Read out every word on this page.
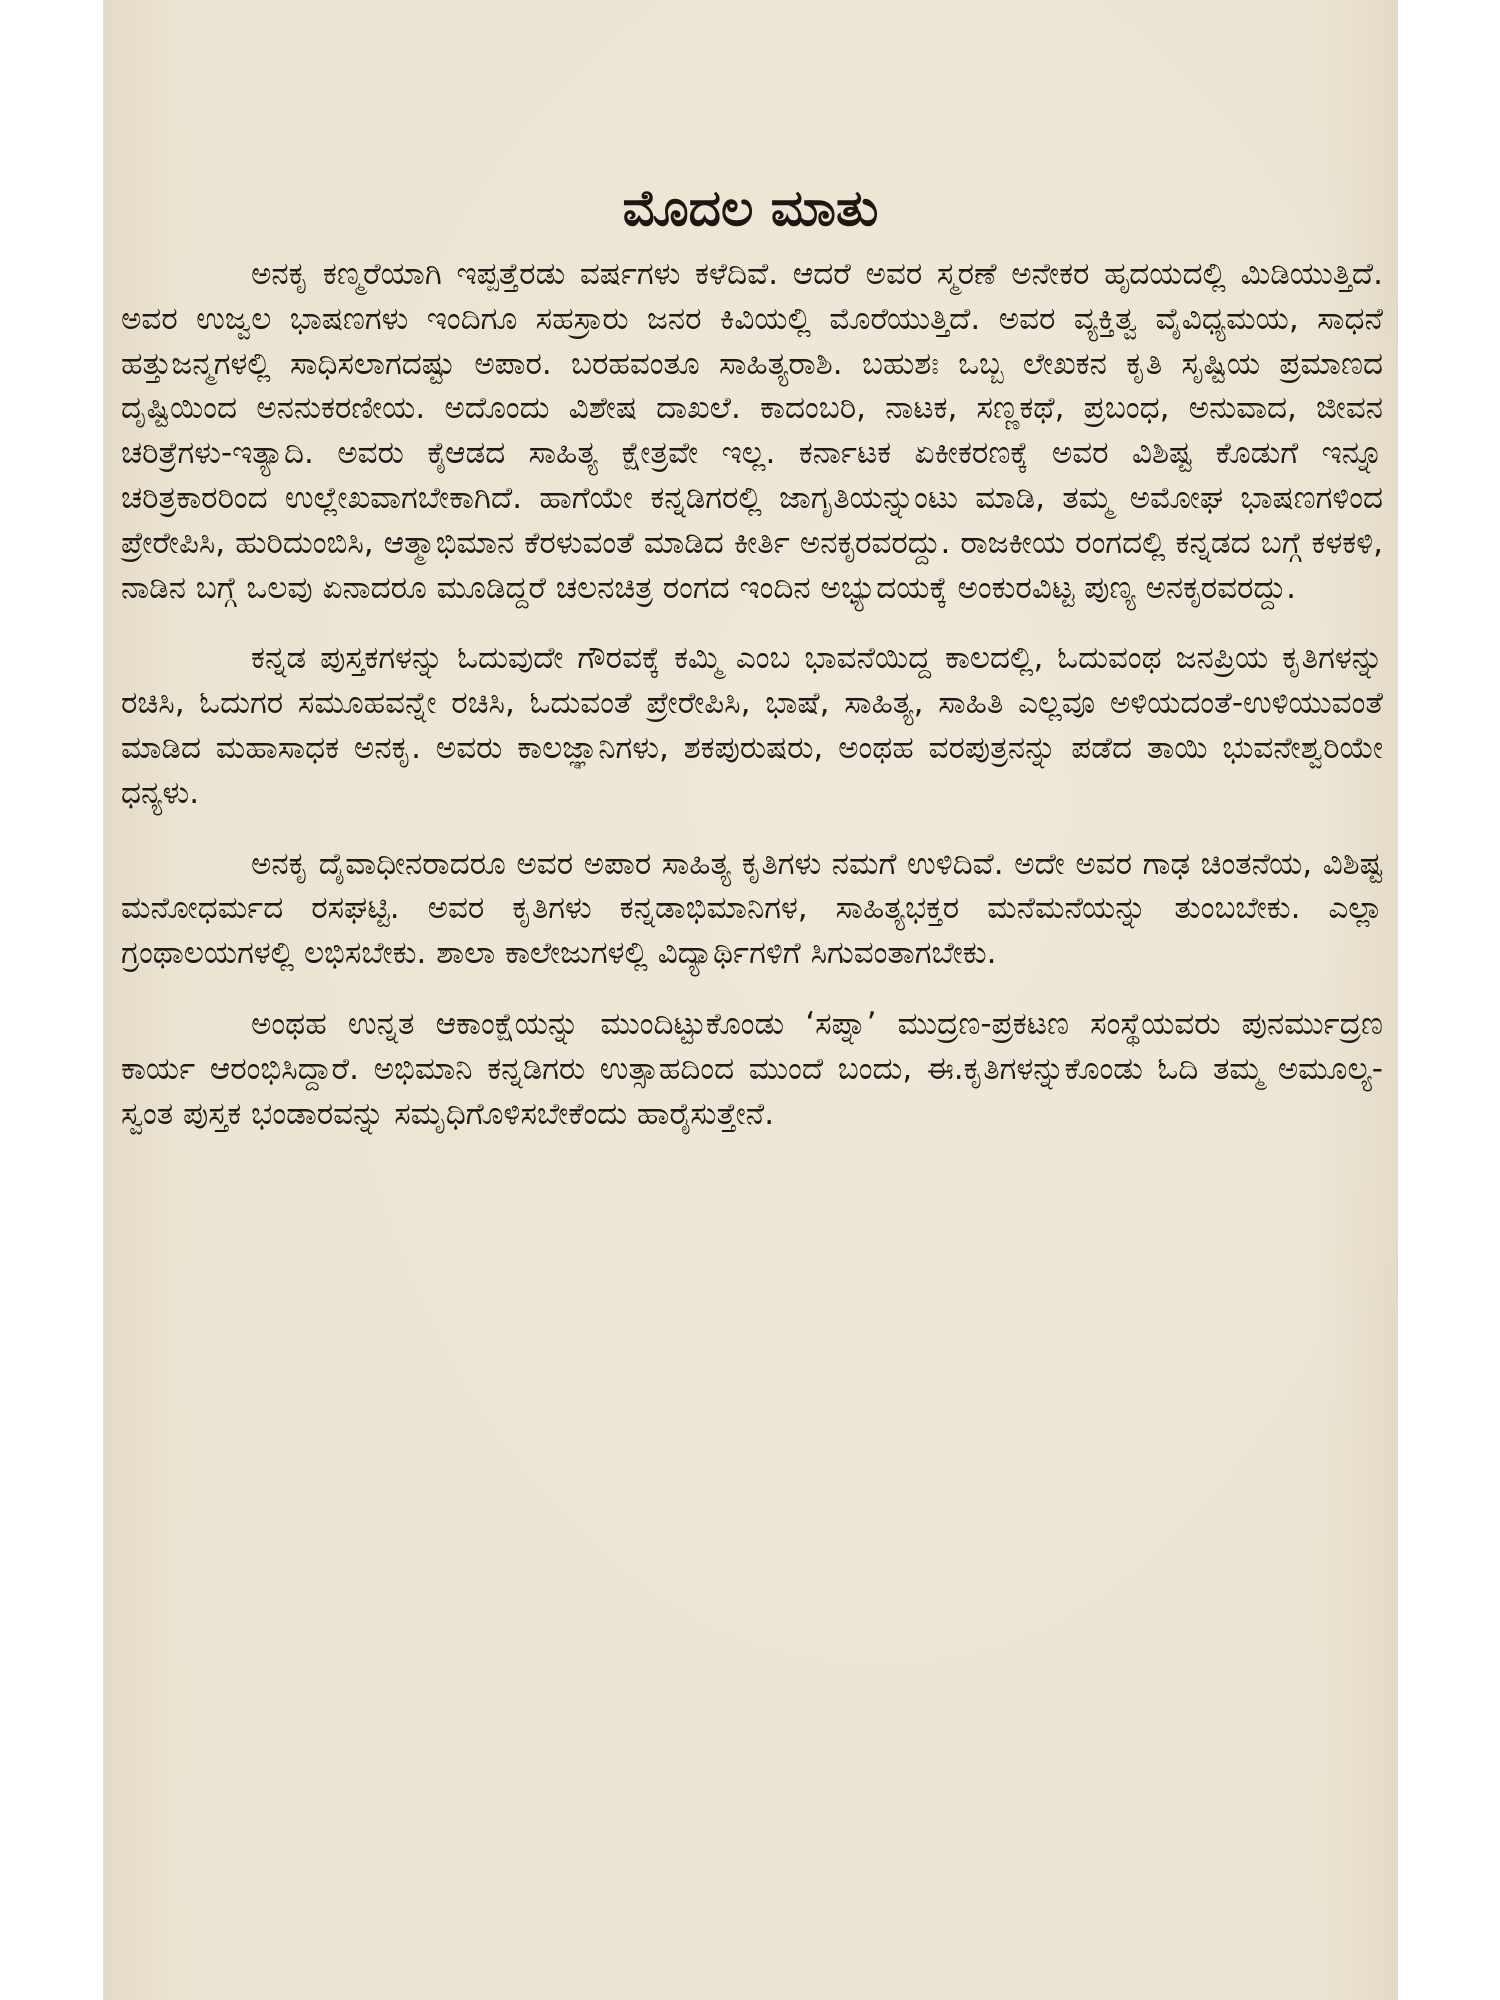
ಮೊದಲ ಮಾತು

ಅನಕೃ ಕಣ್ಮರೆಯಾಗಿ ಇಪ್ಪತ್ತೆರಡು ವರ್ಷಗಳು ಕಳೆದಿವೆ. ಆದರೆ ಅವರ ಸ್ಮರಣೆ ಅನೇಕರ ಹೃದಯದಲ್ಲಿ ಮಿಡಿಯುತ್ತಿದೆ. ಅವರ ಉಜ್ವಲ ಭಾಷಣಗಳು ಇಂದಿಗೂ ಸಹಸ್ರಾರು ಜನರ ಕಿವಿಯಲ್ಲಿ ಮೊರೆಯುತ್ತಿದೆ. ಅವರ ವ್ಯಕ್ತಿತ್ವ ವೈವಿಧ್ಯಮಯ, ಸಾಧನೆ ಹತ್ತುಜನ್ಮಗಳಲ್ಲಿ ಸಾಧಿಸಲಾಗದಷ್ಟು ಅಪಾರ. ಬರಹವಂತೂ ಸಾಹಿತ್ಯರಾಶಿ. ಬಹುಶಃ ಒಬ್ಬ ಲೇಖಕನ ಕೃತಿ ಸೃಷ್ಟಿಯ ಪ್ರಮಾಣದ ದೃಷ್ಟಿಯಿಂದ ಅನನುಕರಣೀಯ. ಅದೊಂದು ವಿಶೇಷ ದಾಖಲೆ. ಕಾದಂಬರಿ, ನಾಟಕ, ಸಣ್ಣಕಥೆ, ಪ್ರಬಂಧ, ಅನುವಾದ, ಜೀವನ ಚರಿತ್ರೆಗಳು-ಇತ್ಯಾದಿ. ಅವರು ಕೈಆಡದ ಸಾಹಿತ್ಯ ಕ್ಷೇತ್ರವೇ ಇಲ್ಲ. ಕರ್ನಾಟಕ ಏಕೀಕರಣಕ್ಕೆ ಅವರ ವಿಶಿಷ್ಟ ಕೊಡುಗೆ ಇನ್ನೂ ಚರಿತ್ರಕಾರರಿಂದ ಉಲ್ಲೇಖವಾಗಬೇಕಾಗಿದೆ. ಹಾಗೆಯೇ ಕನ್ನಡಿಗರಲ್ಲಿ ಜಾಗೃತಿಯನ್ನುಂಟು ಮಾಡಿ, ತಮ್ಮ ಅಮೋಘ ಭಾಷಣಗಳಿಂದ ಪ್ರೇರೇಪಿಸಿ, ಹುರಿದುಂಬಿಸಿ, ಆತ್ಮಾಭಿಮಾನ ಕೆರಳುವಂತೆ ಮಾಡಿದ ಕೀರ್ತಿ ಅನಕೃರವರದ್ದು. ರಾಜಕೀಯ ರಂಗದಲ್ಲಿ ಕನ್ನಡದ ಬಗ್ಗೆ ಕಳಕಳಿ, ನಾಡಿನ ಬಗ್ಗೆ ಒಲವು ಏನಾದರೂ ಮೂಡಿದ್ದರೆ ಚಲನಚಿತ್ರ ರಂಗದ ಇಂದಿನ ಅಭ್ಯುದಯಕ್ಕೆ ಅಂಕುರವಿಟ್ಟ ಪುಣ್ಯ ಅನಕೃರವರದ್ದು.

ಕನ್ನಡ ಪುಸ್ತಕಗಳನ್ನು ಓದುವುದೇ ಗೌರವಕ್ಕೆ ಕಮ್ಮಿ ಎಂಬ ಭಾವನೆಯಿದ್ದ ಕಾಲದಲ್ಲಿ, ಓದುವಂಥ ಜನಪ್ರಿಯ ಕೃತಿಗಳನ್ನು ರಚಿಸಿ, ಓದುಗರ ಸಮೂಹವನ್ನೇ ರಚಿಸಿ, ಓದುವಂತೆ ಪ್ರೇರೇಪಿಸಿ, ಭಾಷೆ, ಸಾಹಿತ್ಯ, ಸಾಹಿತಿ ಎಲ್ಲವೂ ಅಳಿಯದಂತೆ-ಉಳಿಯುವಂತೆ ಮಾಡಿದ ಮಹಾಸಾಧಕ ಅನಕೃ. ಅವರು ಕಾಲಜ್ಞಾನಿಗಳು, ಶಕಪುರುಷರು, ಅಂಥಹ ವರಪುತ್ರನನ್ನು ಪಡೆದ ತಾಯಿ ಭುವನೇಶ್ವರಿಯೇ ಧನ್ಯಳು.

ಅನಕೃ ದೈವಾಧೀನರಾದರೂ ಅವರ ಅಪಾರ ಸಾಹಿತ್ಯ ಕೃತಿಗಳು ನಮಗೆ ಉಳಿದಿವೆ. ಅದೇ ಅವರ ಗಾಢ ಚಿಂತನೆಯ, ವಿಶಿಷ್ಟ ಮನೋಧರ್ಮದ ರಸಘಟ್ಟಿ. ಅವರ ಕೃತಿಗಳು ಕನ್ನಡಾಭಿಮಾನಿಗಳ, ಸಾಹಿತ್ಯಭಕ್ತರ ಮನೆಮನೆಯನ್ನು ತುಂಬಬೇಕು. ಎಲ್ಲಾ ಗ್ರಂಥಾಲಯಗಳಲ್ಲಿ ಲಭಿಸಬೇಕು. ಶಾಲಾ ಕಾಲೇಜುಗಳಲ್ಲಿ ವಿದ್ಯಾರ್ಥಿಗಳಿಗೆ ಸಿಗುವಂತಾಗಬೇಕು.

ಅಂಥಹ ಉನ್ನತ ಆಕಾಂಕ್ಷೆಯನ್ನು ಮುಂದಿಟ್ಟುಕೊಂಡು ‘ಸಪ್ನಾ’ ಮುದ್ರಣ-ಪ್ರಕಟಣ ಸಂಸ್ಥೆಯವರು ಪುನರ್ಮುದ್ರಣ ಕಾರ್ಯ ಆರಂಭಿಸಿದ್ದಾರೆ. ಅಭಿಮಾನಿ ಕನ್ನಡಿಗರು ಉತ್ಸಾಹದಿಂದ ಮುಂದೆ ಬಂದು, ಈ.ಕೃತಿಗಳನ್ನುಕೊಂಡು ಓದಿ ತಮ್ಮ ಅಮೂಲ್ಯ-ಸ್ವಂತ ಪುಸ್ತಕ ಭಂಡಾರವನ್ನು ಸಮೃಧಿಗೊಳಿಸಬೇಕೆಂದು ಹಾರೈಸುತ್ತೇನೆ.
